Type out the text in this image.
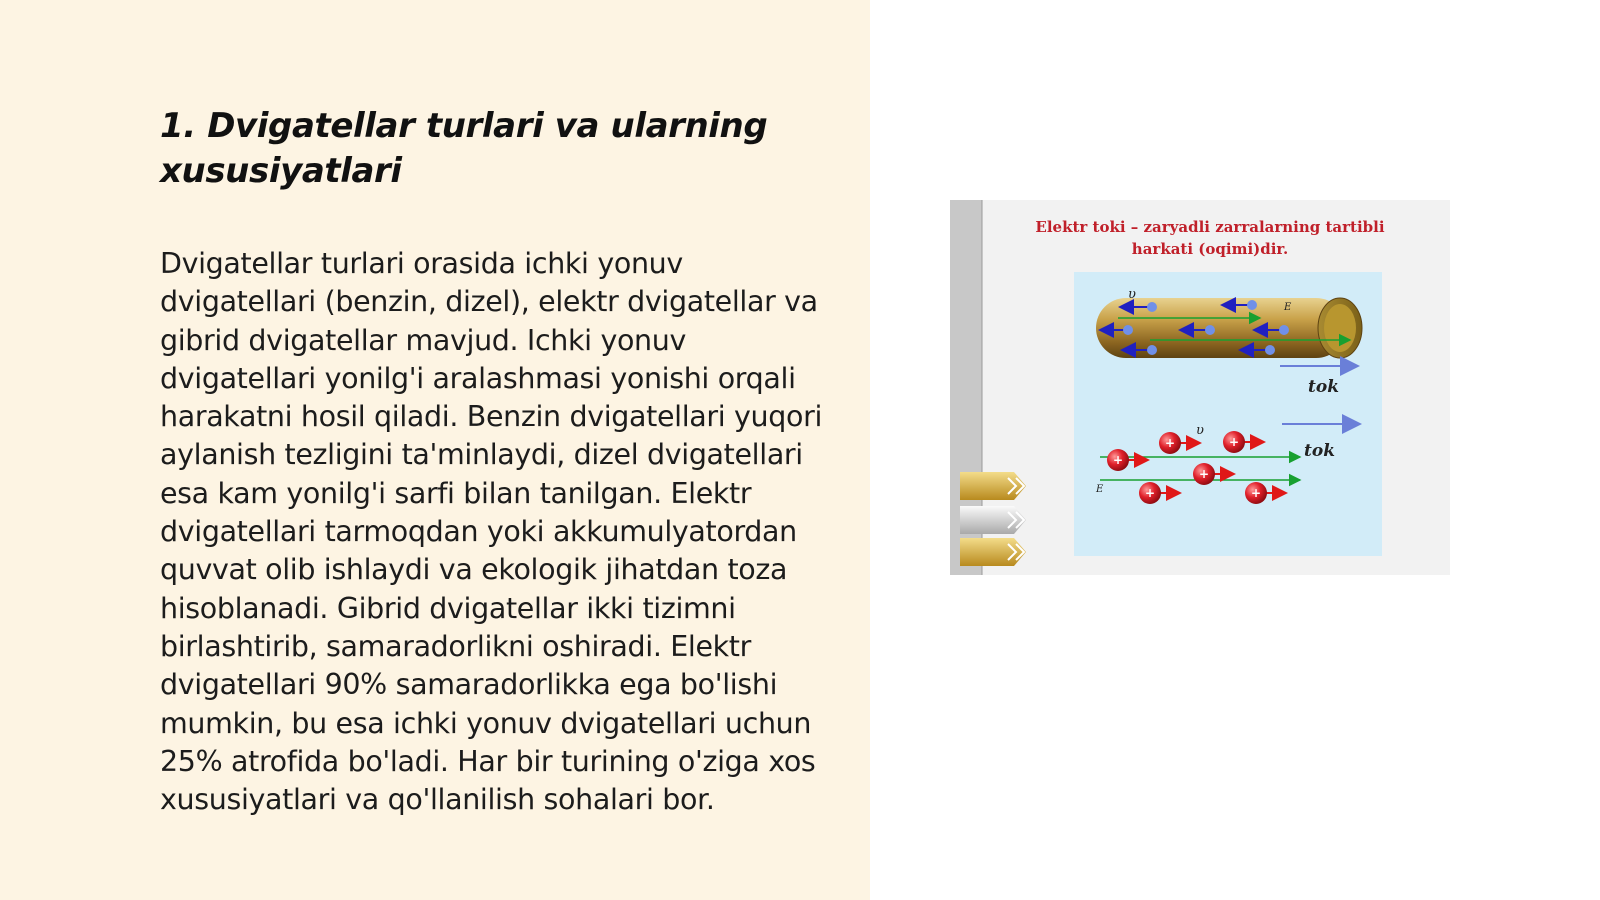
1. Dvigatellar turlari va ularning xususiyatlari

Dvigatellar turlari orasida ichki yonuv dvigatellari (benzin, dizel), elektr dvigatellar va gibrid dvigatellar mavjud. Ichki yonuv dvigatellari yonilg'i aralashmasi yonishi orqali harakatni hosil qiladi. Benzin dvigatellari yuqori aylanish tezligini ta'minlaydi, dizel dvigatellari esa kam yonilg'i sarfi bilan tanilgan. Elektr dvigatellari tarmoqdan yoki akkumulyatordan quvvat olib ishlaydi va ekologik jihatdan toza hisoblanadi. Gibrid dvigatellar ikki tizimni birlashtirib, samaradorlikni oshiradi. Elektr dvigatellari 90% samaradorlikka ega bo'lishi mumkin, bu esa ichki yonuv dvigatellari uchun 25% atrofida bo'ladi. Har bir turining o'ziga xos xususiyatlari va qo'llanilish sohalari bor.

Elektr toki – zaryadli zarralarning tartibli
harkati (oqimi)dir.
υ
E
tok
tok
E
υ
+
+	+
+
+	+
